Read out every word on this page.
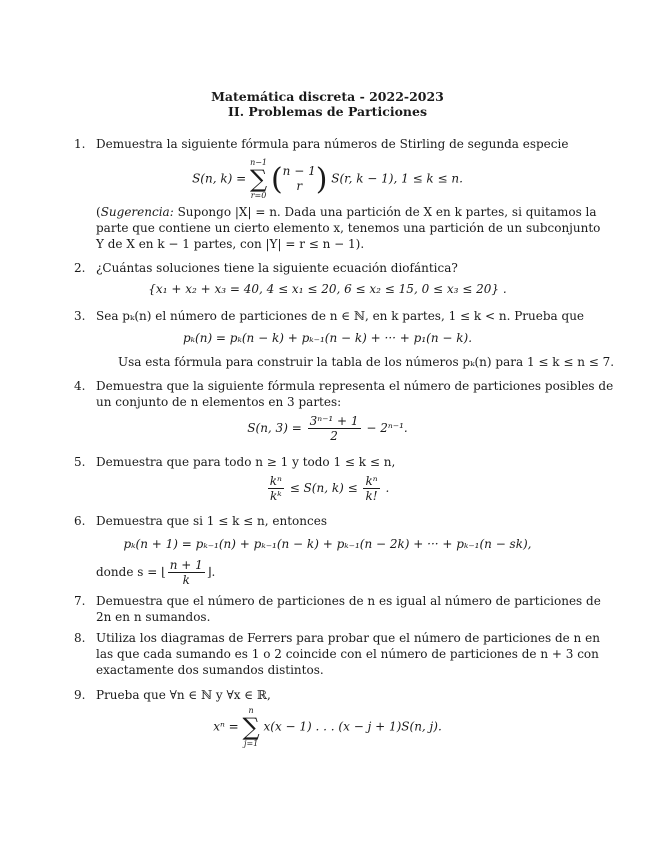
Matemática discreta - 2022-2023
II. Problemas de Particiones
1. Demuestra la siguiente fórmula para números de Stirling de segunda especie
S(n, k) =
n−1
∑
r=0 ( n − 1
r ) S(r, k − 1), 1 ≤ k ≤ n.
(Sugerencia: Supongo |X| = n. Dada una partición de X en k partes, si quitamos la
parte que contiene un cierto elemento x, tenemos una partición de un subconjunto
Y de X en k − 1 partes, con |Y| = r ≤ n − 1).
2. ¿Cuántas soluciones tiene la siguiente ecuación diofántica?
{x₁ + x₂ + x₃ = 40, 4 ≤ x₁ ≤ 20, 6 ≤ x₂ ≤ 15, 0 ≤ x₃ ≤ 20} .
3. Sea pₖ(n) el número de particiones de n ∈ ℕ, en k partes, 1 ≤ k < n. Prueba que
pₖ(n) = pₖ(n − k) + pₖ₋₁(n − k) + ··· + p₁(n − k).
Usa esta fórmula para construir la tabla de los números pₖ(n) para 1 ≤ k ≤ n ≤ 7.
4. Demuestra que la siguiente fórmula representa el número de particiones posibles de
un conjunto de n elementos en 3 partes:
S(n, $3) = \frac{\text{3ⁿ⁻¹ + 1}}{2} - 2^{n-1}$.
5. Demuestra que para todo n ≥ 1 y todo 1 ≤ k ≤ n,
$\frac{\text{kⁿ}}{\text{kᵏ}} \le S(n$, $k) \le \frac{\text{kⁿ}}{k!}$ .
6. Demuestra que si 1 ≤ k ≤ n, entonces
pₖ(n + 1) = pₖ₋₁(n) + pₖ₋₁(n − k) + pₖ₋₁(n − 2k) + ··· + pₖ₋₁(n − sk),
donde s = ⌊ $\frac{n + 1}{k}$ ⌋.
7. Demuestra que el número de particiones de n es igual al número de particiones de
2n en n sumandos.
8. Utiliza los diagramas de Ferrers para probar que el número de particiones de n en
las que cada sumando es 1 o 2 coincide con el número de particiones de n + 3 con
exactamente dos sumandos distintos.
9. Prueba que ∀n ∈ ℕ y ∀x ∈ ℝ,
xⁿ =
n
∑
j=1
x(x − 1) . . . (x − j + 1)S(n, j).
